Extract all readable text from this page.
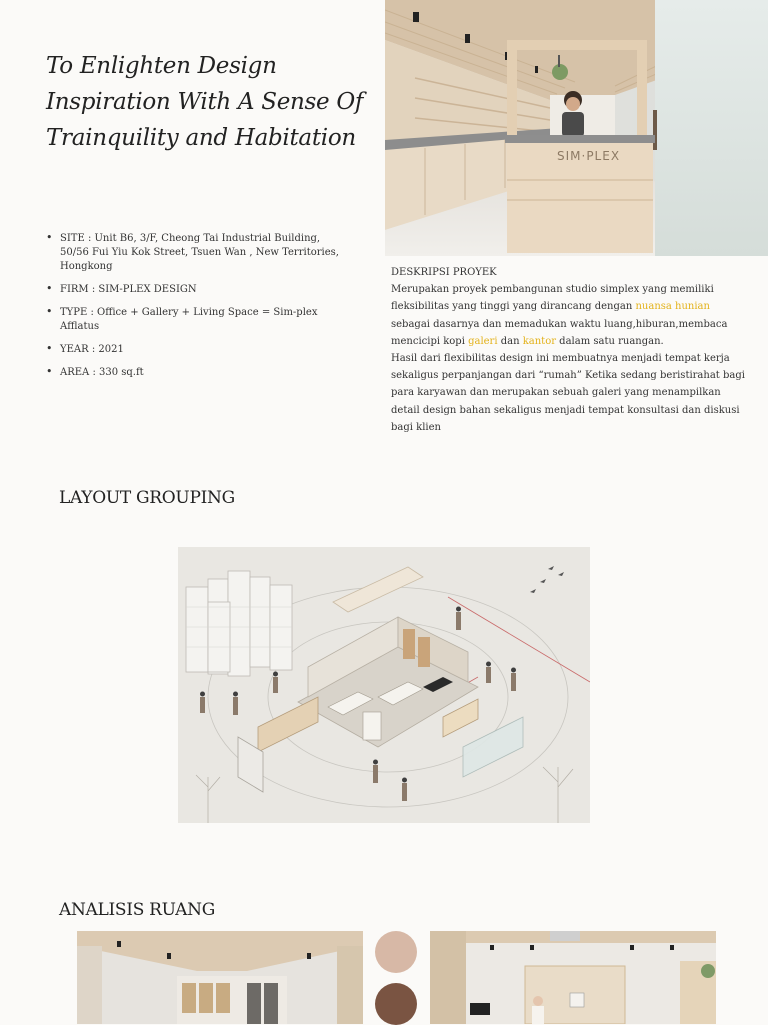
To Enlighten Design
Inspiration With A Sense Of
Trainquility and Habitation
• SITE : Unit B6, 3/F, Cheong Tai Industrial Building, 50/56 Fui Yiu Kok Street, Tsuen Wan , New Territories, Hongkong
• FIRM : SIM-PLEX DESIGN
• TYPE : Office + Gallery + Living Space = Sim-plex Afflatus
• YEAR : 2021
• AREA : 330 sq.ft
SIM·PLEX
DESKRIPSI PROYEK
Merupakan proyek pembangunan studio simplex yang memiliki fleksibilitas yang tinggi yang dirancang dengan nuansa hunian sebagai dasarnya dan memadukan waktu luang,hiburan,membaca mencicipi kopi galeri dan kantor dalam satu ruangan.
Hasil dari flexibilitas design ini membuatnya menjadi tempat kerja sekaligus perpanjangan dari “rumah” Ketika sedang beristirahat bagi para karyawan dan merupakan sebuah galeri yang menampilkan detail design bahan sekaligus menjadi tempat konsultasi dan diskusi bagi klien
LAYOUT GROUPING
ANALISIS RUANG
